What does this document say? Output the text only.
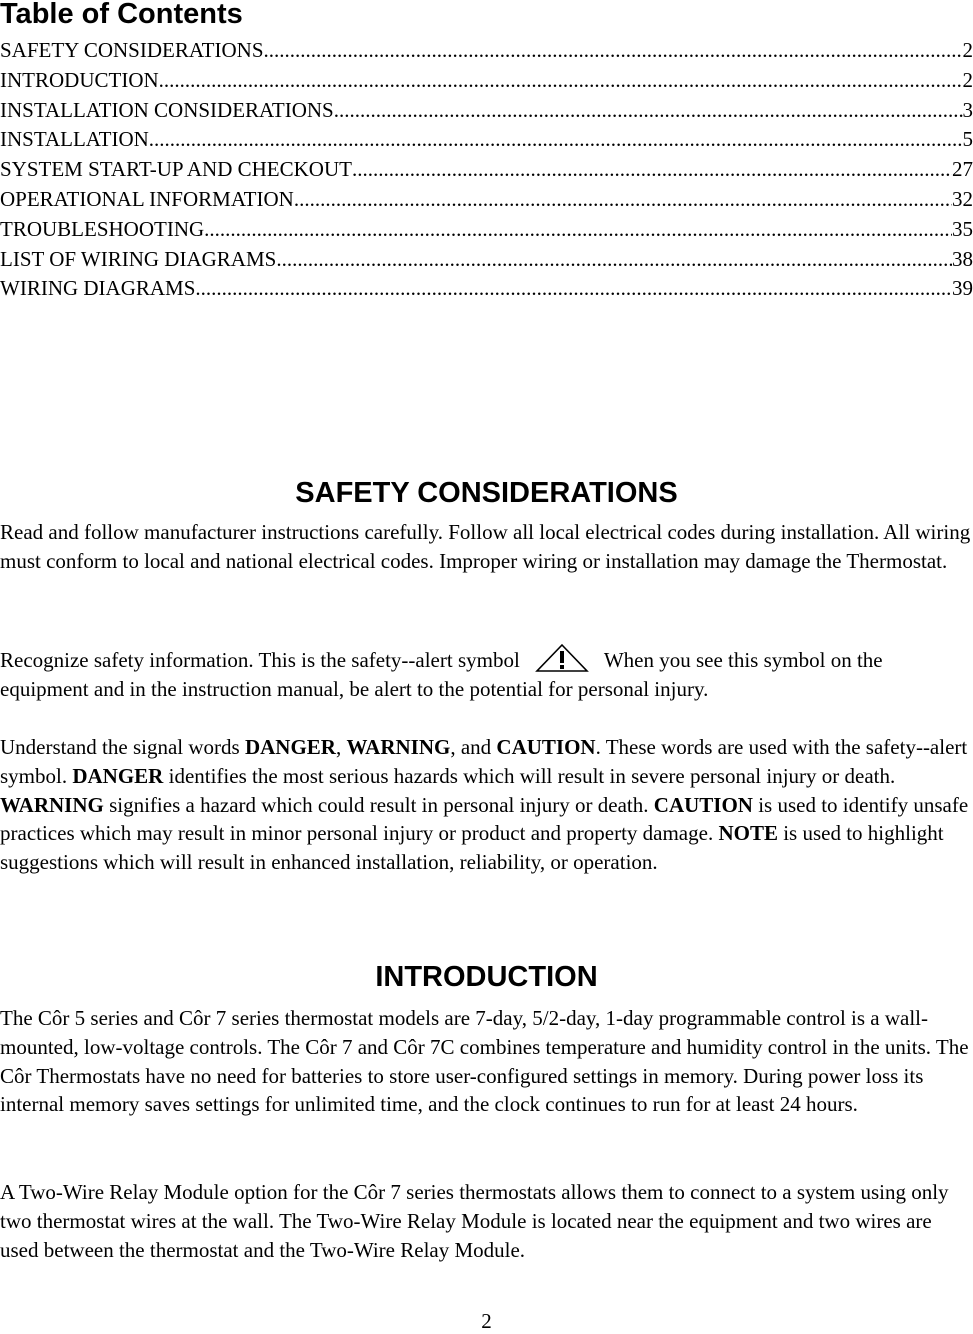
Table of Contents
SAFETY CONSIDERATIONS .....	2
INTRODUCTION .....	2
INSTALLATION CONSIDERATIONS .....	3
INSTALLATION .....	5
SYSTEM START-UP AND CHECKOUT .....	27
OPERATIONAL INFORMATION .....	32
TROUBLESHOOTING .....	35
LIST OF WIRING DIAGRAMS .....	38
WIRING DIAGRAMS .....	39
SAFETY CONSIDERATIONS

Read and follow manufacturer instructions carefully. Follow all local electrical codes during installation. All wiring must conform to local and national electrical codes. Improper wiring or installation may damage the Thermostat.

Recognize safety information. This is the safety--alert symbol	When you see this symbol on the equipment and in the instruction manual, be alert to the potential for personal injury.

Understand the signal words DANGER, WARNING, and CAUTION. These words are used with the safety--alert symbol. DANGER identifies the most serious hazards which will result in severe personal injury or death. WARNING signifies a hazard which could result in personal injury or death. CAUTION is used to identify unsafe practices which may result in minor personal injury or product and property damage. NOTE is used to highlight suggestions which will result in enhanced installation, reliability, or operation.

INTRODUCTION

The Côr 5 series and Côr 7 series thermostat models are 7-day, 5/2-day, 1-day programmable control is a wall-mounted, low-voltage controls. The Côr 7 and Côr 7C combines temperature and humidity control in the units. The Côr Thermostats have no need for batteries to store user-configured settings in memory. During power loss its internal memory saves settings for unlimited time, and the clock continues to run for at least 24 hours.

A Two-Wire Relay Module option for the Côr 7 series thermostats allows them to connect to a system using only two thermostat wires at the wall. The Two-Wire Relay Module is located near the equipment and two wires are used between the thermostat and the Two-Wire Relay Module.

2
